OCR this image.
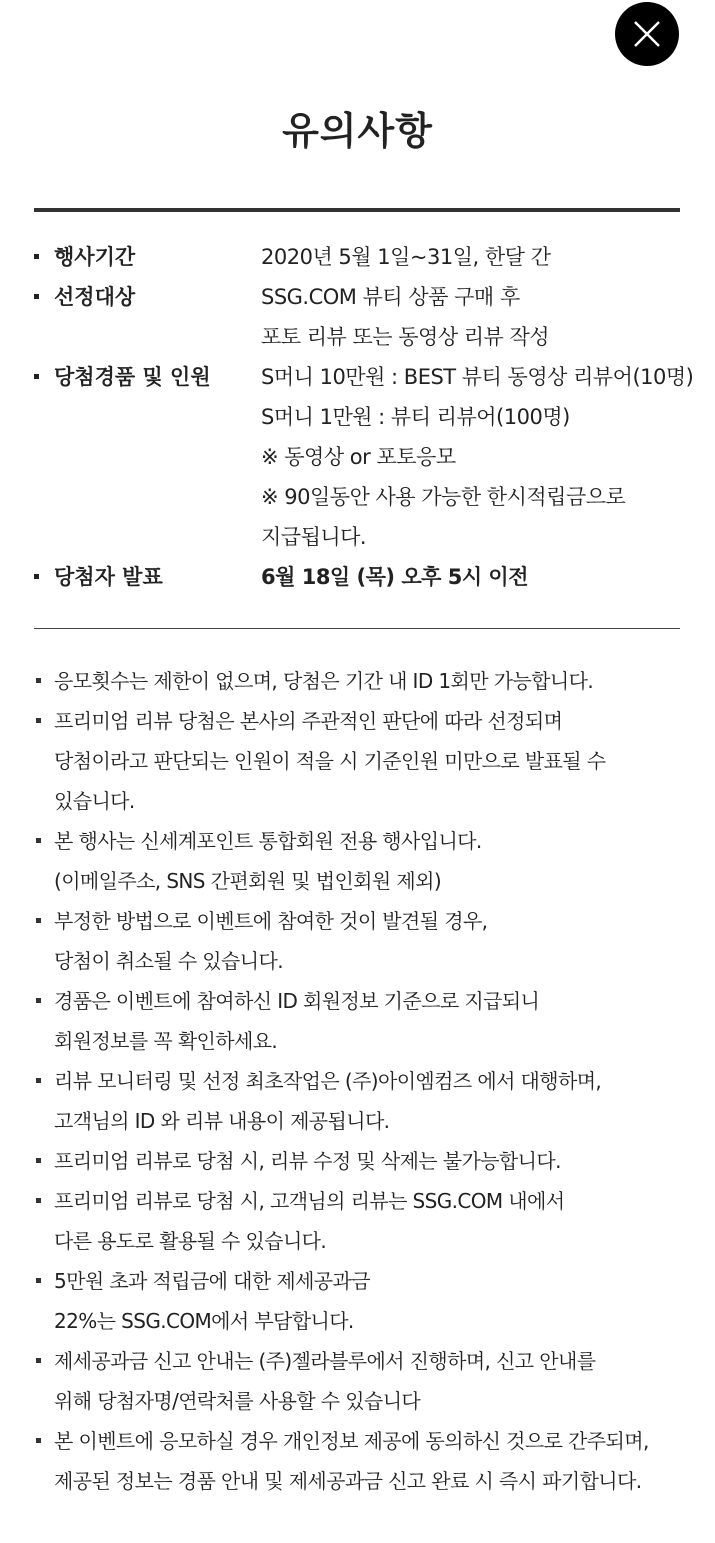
유의사항
행사기간	2020년 5월 1일~31일, 한달 간
선정대상	SSG.COM 뷰티 상품 구매 후
포토 리뷰 또는 동영상 리뷰 작성
당첨경품 및 인원	S머니 10만원 : BEST 뷰티 동영상 리뷰어(10명)
S머니 1만원 : 뷰티 리뷰어(100명)
※ 동영상 or 포토응모
※ 90일동안 사용 가능한 한시적립금으로
지급됩니다.
당첨자 발표	6월 18일 (목) 오후 5시 이전
응모횟수는 제한이 없으며, 당첨은 기간 내 ID 1회만 가능합니다.
프리미엄 리뷰 당첨은 본사의 주관적인 판단에 따라 선정되며
당첨이라고 판단되는 인원이 적을 시 기준인원 미만으로 발표될 수
있습니다.
본 행사는 신세계포인트 통합회원 전용 행사입니다.
(이메일주소, SNS 간편회원 및 법인회원 제외)
부정한 방법으로 이벤트에 참여한 것이 발견될 경우,
당첨이 취소될 수 있습니다.
경품은 이벤트에 참여하신 ID 회원정보 기준으로 지급되니
회원정보를 꼭 확인하세요.
리뷰 모니터링 및 선정 최초작업은 (주)아이엠컴즈 에서 대행하며,
고객님의 ID 와 리뷰 내용이 제공됩니다.
프리미엄 리뷰로 당첨 시, 리뷰 수정 및 삭제는 불가능합니다.
프리미엄 리뷰로 당첨 시, 고객님의 리뷰는 SSG.COM 내에서
다른 용도로 활용될 수 있습니다.
5만원 초과 적립금에 대한 제세공과금
22%는 SSG.COM에서 부담합니다.
제세공과금 신고 안내는 (주)젤라블루에서 진행하며, 신고 안내를
위해 당첨자명/연락처를 사용할 수 있습니다
본 이벤트에 응모하실 경우 개인정보 제공에 동의하신 것으로 간주되며,
제공된 정보는 경품 안내 및 제세공과금 신고 완료 시 즉시 파기합니다.
